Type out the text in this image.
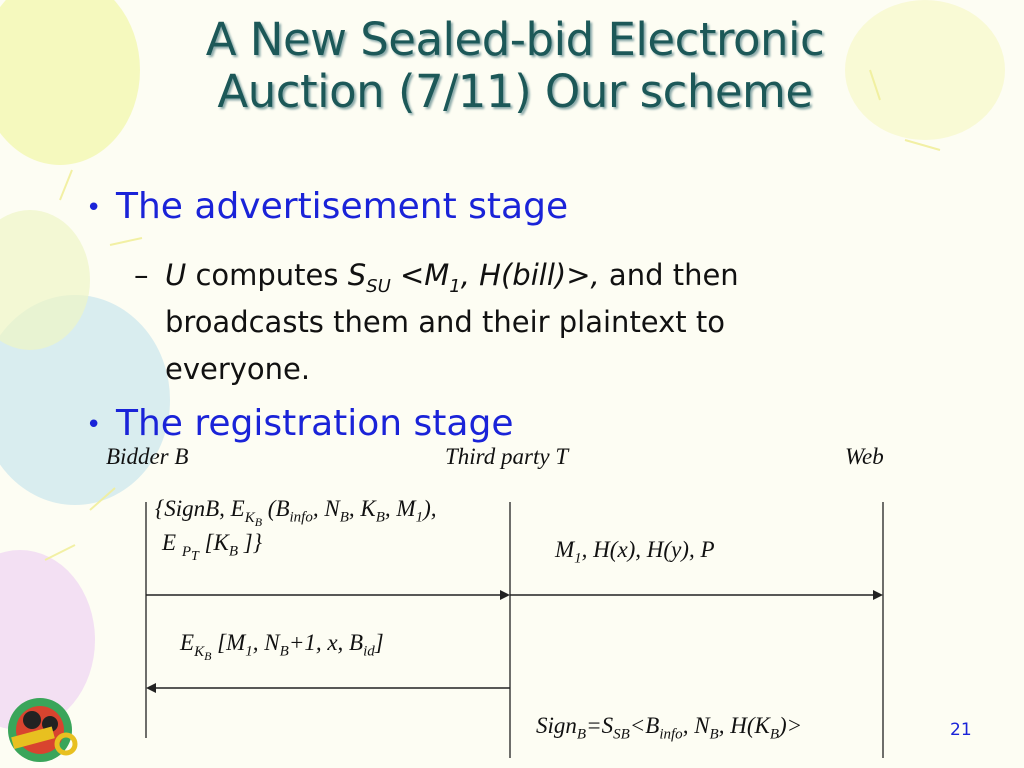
A New Sealed-bid Electronic
Auction (7/11) Our scheme
• The advertisement stage
– U computes $S_{SU} <M_1$, H(bill)>, and then
broadcasts them and their plaintext to
everyone.
• The registration stage
Bidder B	Third party T	Web
{SignB, $E_{K_B}$ ($B_{info}$, $N_B$, $K_B$, $M_1$),
E $_{P_T}$ [$K_B$ ]}	$M_1$, H(x), H(y), P
$E_{K_B}$ [$M_1$, $N_B+1$, x, $B_{id}$]
$Sign_B=S_{SB}<B_{info}$, $N_B$, $H(K_B)>$	21
